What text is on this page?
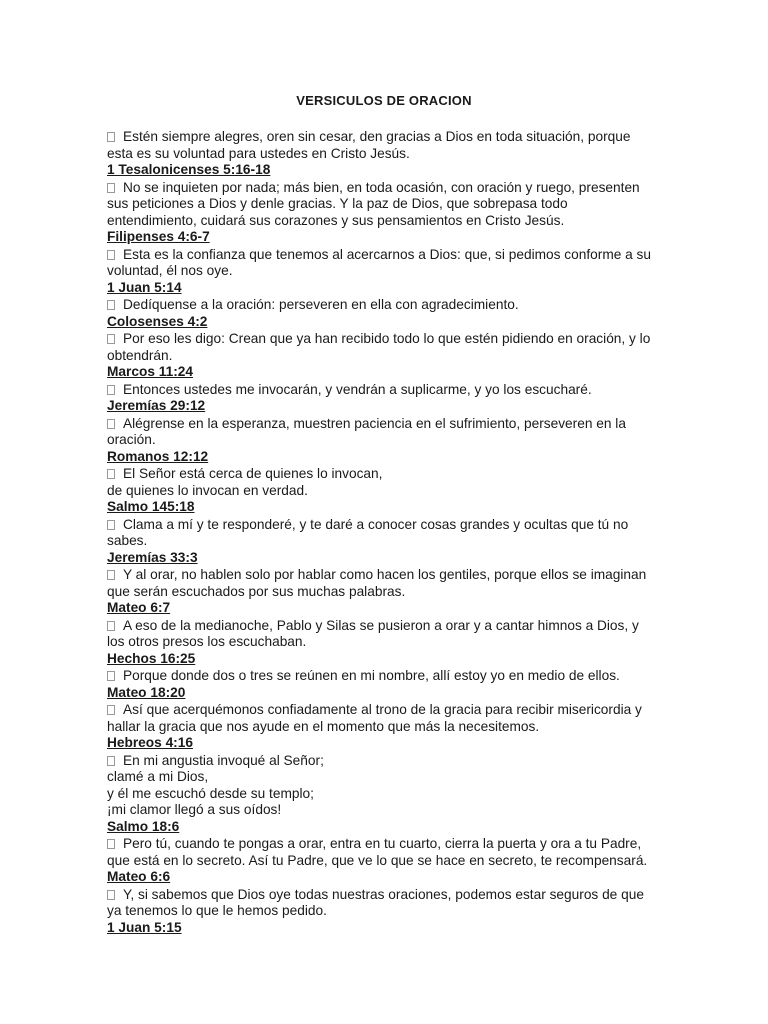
VERSICULOS DE ORACION
Estén siempre alegres, oren sin cesar, den gracias a Dios en toda situación, porque
esta es su voluntad para ustedes en Cristo Jesús.
1 Tesalonicenses 5:16-18
No se inquieten por nada; más bien, en toda ocasión, con oración y ruego, presenten
sus peticiones a Dios y denle gracias. Y la paz de Dios, que sobrepasa todo
entendimiento, cuidará sus corazones y sus pensamientos en Cristo Jesús.
Filipenses 4:6-7
Esta es la confianza que tenemos al acercarnos a Dios: que, si pedimos conforme a su
voluntad, él nos oye.
1 Juan 5:14
Dedíquense a la oración: perseveren en ella con agradecimiento.
Colosenses 4:2
Por eso les digo: Crean que ya han recibido todo lo que estén pidiendo en oración, y lo
obtendrán.
Marcos 11:24
Entonces ustedes me invocarán, y vendrán a suplicarme, y yo los escucharé.
Jeremías 29:12
Alégrense en la esperanza, muestren paciencia en el sufrimiento, perseveren en la
oración.
Romanos 12:12
El Señor está cerca de quienes lo invocan,
de quienes lo invocan en verdad.
Salmo 145:18
Clama a mí y te responderé, y te daré a conocer cosas grandes y ocultas que tú no
sabes.
Jeremías 33:3
Y al orar, no hablen solo por hablar como hacen los gentiles, porque ellos se imaginan
que serán escuchados por sus muchas palabras.
Mateo 6:7
A eso de la medianoche, Pablo y Silas se pusieron a orar y a cantar himnos a Dios, y
los otros presos los escuchaban.
Hechos 16:25
Porque donde dos o tres se reúnen en mi nombre, allí estoy yo en medio de ellos.
Mateo 18:20
Así que acerquémonos confiadamente al trono de la gracia para recibir misericordia y
hallar la gracia que nos ayude en el momento que más la necesitemos.
Hebreos 4:16
En mi angustia invoqué al Señor;
clamé a mi Dios,
y él me escuchó desde su templo;
¡mi clamor llegó a sus oídos!
Salmo 18:6
Pero tú, cuando te pongas a orar, entra en tu cuarto, cierra la puerta y ora a tu Padre,
que está en lo secreto. Así tu Padre, que ve lo que se hace en secreto, te recompensará.
Mateo 6:6
Y, si sabemos que Dios oye todas nuestras oraciones, podemos estar seguros de que
ya tenemos lo que le hemos pedido.
1 Juan 5:15
